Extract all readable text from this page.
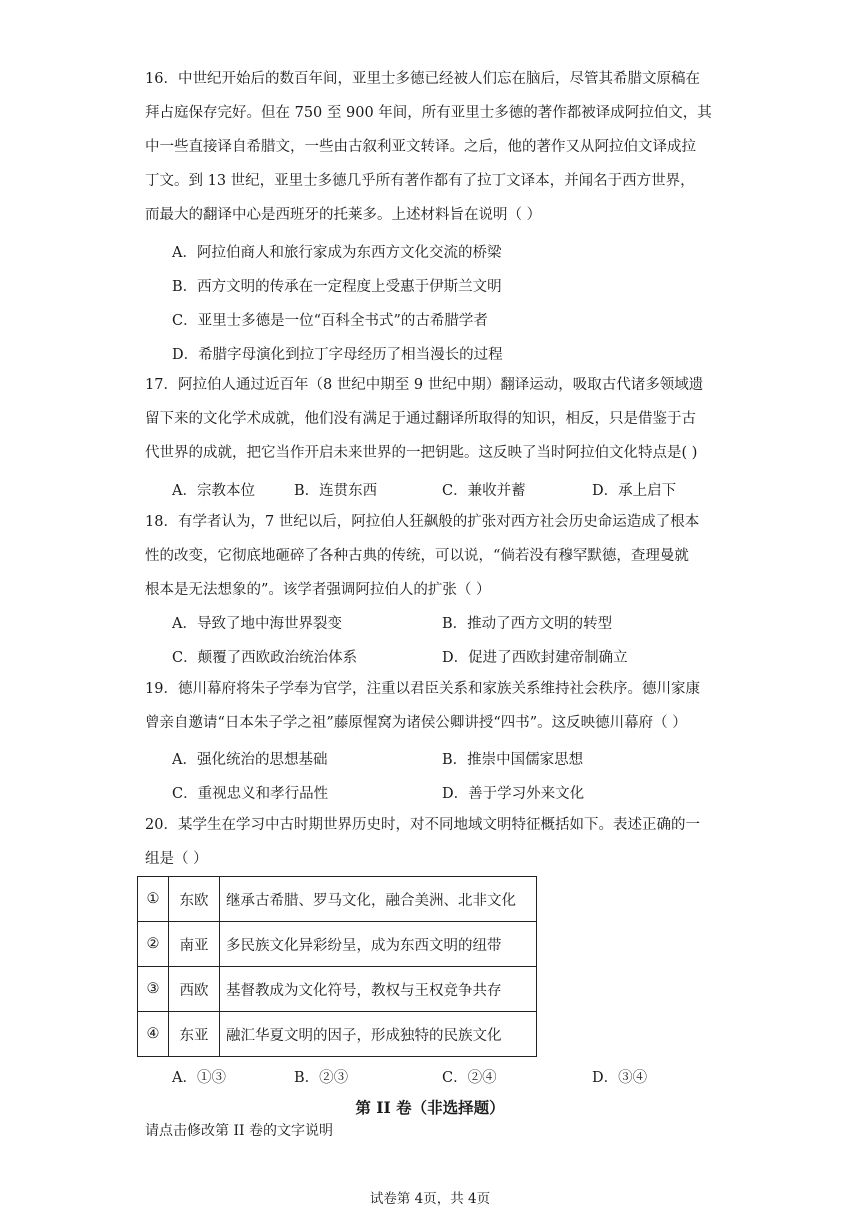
16．中世纪开始后的数百年间，亚里士多德已经被人们忘在脑后，尽管其希腊文原稿在

拜占庭保存完好。但在 750 至 900 年间，所有亚里士多德的著作都被译成阿拉伯文，其

中一些直接译自希腊文，一些由古叙利亚文转译。之后，他的著作又从阿拉伯文译成拉

丁文。到 13 世纪，亚里士多德几乎所有著作都有了拉丁文译本，并闻名于西方世界，

而最大的翻译中心是西班牙的托莱多。上述材料旨在说明（ ）

A．阿拉伯商人和旅行家成为东西方文化交流的桥梁
B．西方文明的传承在一定程度上受惠于伊斯兰文明
C．亚里士多德是一位“百科全书式”的古希腊学者
D．希腊字母演化到拉丁字母经历了相当漫长的过程

17．阿拉伯人通过近百年（8 世纪中期至 9 世纪中期）翻译运动，吸取古代诸多领域遗

留下来的文化学术成就，他们没有满足于通过翻译所取得的知识，相反，只是借鉴于古

代世界的成就，把它当作开启未来世界的一把钥匙。这反映了当时阿拉伯文化特点是( )

A．宗教本位	B．连贯东西	C．兼收并蓄	D．承上启下

18．有学者认为，7 世纪以后，阿拉伯人狂飙般的扩张对西方社会历史命运造成了根本

性的改变，它彻底地砸碎了各种古典的传统，可以说，“倘若没有穆罕默德，查理曼就

根本是无法想象的”。该学者强调阿拉伯人的扩张（ ）

A．导致了地中海世界裂变	B．推动了西方文明的转型
C．颠覆了西欧政治统治体系	D．促进了西欧封建帝制确立

19．德川幕府将朱子学奉为官学，注重以君臣关系和家族关系维持社会秩序。德川家康

曾亲自邀请“日本朱子学之祖”藤原惺窝为诸侯公卿讲授“四书”。这反映德川幕府（ ）

A．强化统治的思想基础	B．推崇中国儒家思想
C．重视忠义和孝行品性	D．善于学习外来文化

20．某学生在学习中古时期世界历史时，对不同地域文明特征概括如下。表述正确的一

组是（ ）

①	东欧	继承古希腊、罗马文化，融合美洲、北非文化
②	南亚	多民族文化异彩纷呈，成为东西文明的纽带
③	西欧	基督教成为文化符号，教权与王权竞争共存
④	东亚	融汇华夏文明的因子，形成独特的民族文化
A．①③	B．②③	C．②④	D．③④
第 II 卷（非选择题）
请点击修改第 II 卷的文字说明
试卷第 4页，共 4页
